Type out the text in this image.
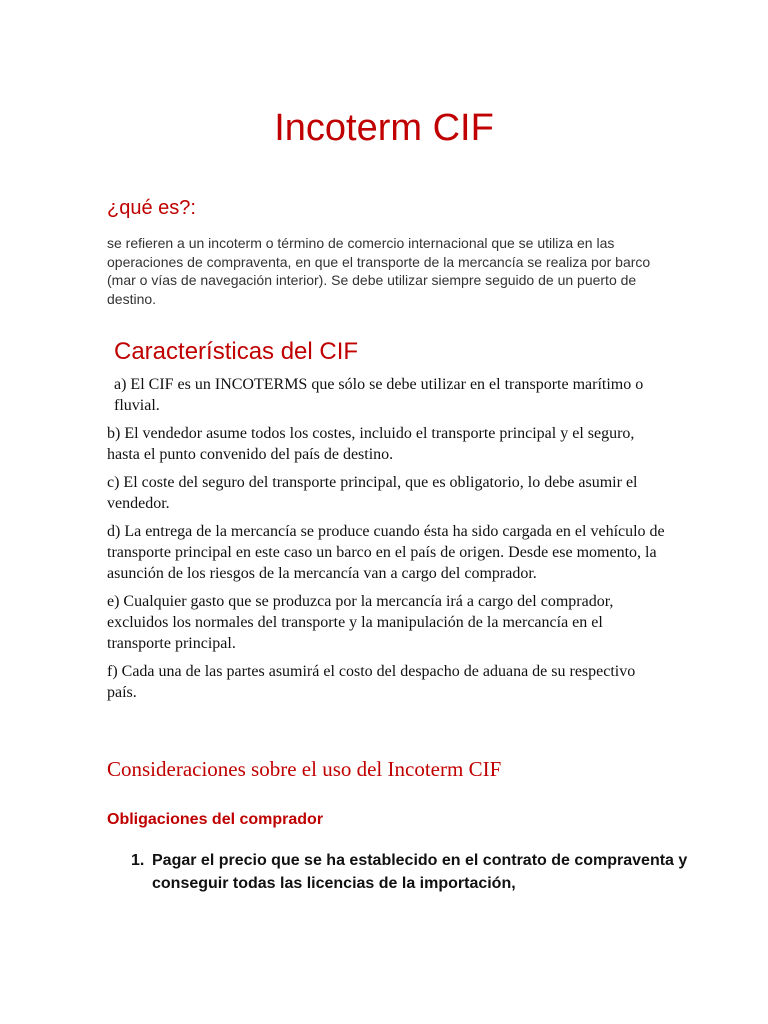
Incoterm CIF
¿qué es?:

se refieren a un incoterm o término de comercio internacional que se utiliza en las operaciones de compraventa, en que el transporte de la mercancía se realiza por barco (mar o vías de navegación interior). Se debe utilizar siempre seguido de un puerto de destino.

Características del CIF

a) El CIF es un INCOTERMS que sólo se debe utilizar en el transporte marítimo o fluvial.

b) El vendedor asume todos los costes, incluido el transporte principal y el seguro, hasta el punto convenido del país de destino.

c) El coste del seguro del transporte principal, que es obligatorio, lo debe asumir el vendedor.

d) La entrega de la mercancía se produce cuando ésta ha sido cargada en el vehículo de transporte principal en este caso un barco en el país de origen. Desde ese momento, la asunción de los riesgos de la mercancía van a cargo del comprador.

e) Cualquier gasto que se produzca por la mercancía irá a cargo del comprador, excluidos los normales del transporte y la manipulación de la mercancía en el transporte principal.

f) Cada una de las partes asumirá el costo del despacho de aduana de su respectivo país.

Consideraciones sobre el uso del Incoterm CIF
Obligaciones del comprador
1. Pagar el precio que se ha establecido en el contrato de compraventa y conseguir todas las licencias de la importación,
